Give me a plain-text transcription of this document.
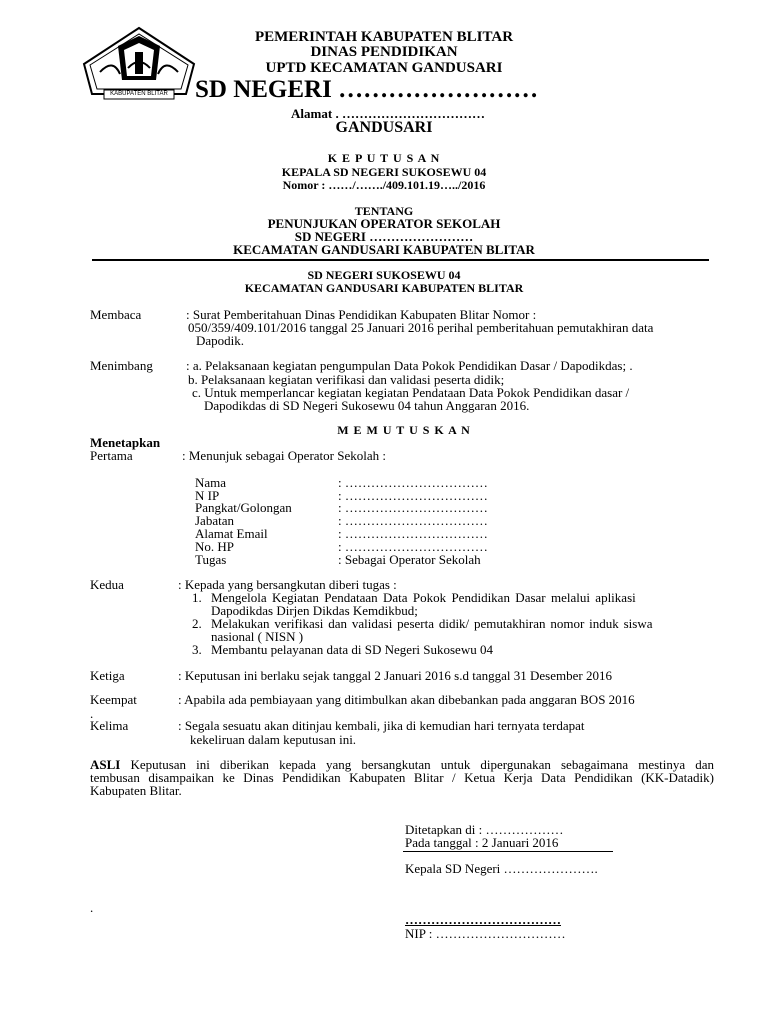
KABUPATEN BLITAR
PEMERINTAH KABUPATEN BLITAR
DINAS PENDIDIKAN
UPTD KECAMATAN GANDUSARI
SD NEGERI ……………………
Alamat . ……………………………
GANDUSARI
K E P U T U S A N
KEPALA SD NEGERI SUKOSEWU 04
Nomor : ……/……./409.101.19…../2016
TENTANG
PENUNJUKAN OPERATOR SEKOLAH
SD NEGERI ……………………
KECAMATAN GANDUSARI KABUPATEN BLITAR
SD NEGERI SUKOSEWU 04
KECAMATAN GANDUSARI KABUPATEN BLITAR
Membaca	: Surat Pemberitahuan Dinas Pendidikan Kabupaten Blitar Nomor :
050/359/409.101/2016 tanggal 25 Januari 2016 perihal pemberitahuan pemutakhiran data
Dapodik.
Menimbang	: a. Pelaksanaan kegiatan pengumpulan Data Pokok Pendidikan Dasar / Dapodikdas; .
b. Pelaksanaan kegiatan verifikasi dan validasi peserta didik;
c. Untuk memperlancar kegiatan kegiatan Pendataan Data Pokok Pendidikan dasar /
Dapodikdas di SD Negeri Sukosewu 04 tahun Anggaran 2016.
M E M U T U S K A N
Menetapkan
Pertama	: Menunjuk sebagai Operator Sekolah :
Nama	: ……………………………
N IP	: ……………………………
Pangkat/Golongan	: ……………………………
Jabatan	: ……………………………
Alamat Email	: ……………………………
No. HP	: ……………………………
Tugas	: Sebagai Operator Sekolah
Kedua	: Kepada yang bersangkutan diberi tugas :
1. Mengelola Kegiatan Pendataan Data Pokok Pendidikan Dasar melalui aplikasi
Dapodikdas Dirjen Dikdas Kemdikbud;
2. Melakukan verifikasi dan validasi peserta didik/ pemutakhiran nomor induk siswa
nasional ( NISN )
3. Membantu pelayanan data di SD Negeri Sukosewu 04
Ketiga	: Keputusan ini berlaku sejak tanggal 2 Januari 2016 s.d tanggal 31 Desember 2016
Keempat	: Apabila ada pembiayaan yang ditimbulkan akan dibebankan pada anggaran BOS 2016
.
Kelima	: Segala sesuatu akan ditinjau kembali, jika di kemudian hari ternyata terdapat
kekeliruan dalam keputusan ini.
ASLI Keputusan ini diberikan kepada yang bersangkutan untuk dipergunakan sebagaimana mestinya dan
tembusan disampaikan ke Dinas Pendidikan Kabupaten Blitar / Ketua Kerja Data Pendidikan (KK-Datadik)
Kabupaten Blitar.
Ditetapkan di : ………………
Pada tanggal : 2 Januari 2016
Kepala SD Negeri ………………….
.
………………………………
NIP : …………………………
